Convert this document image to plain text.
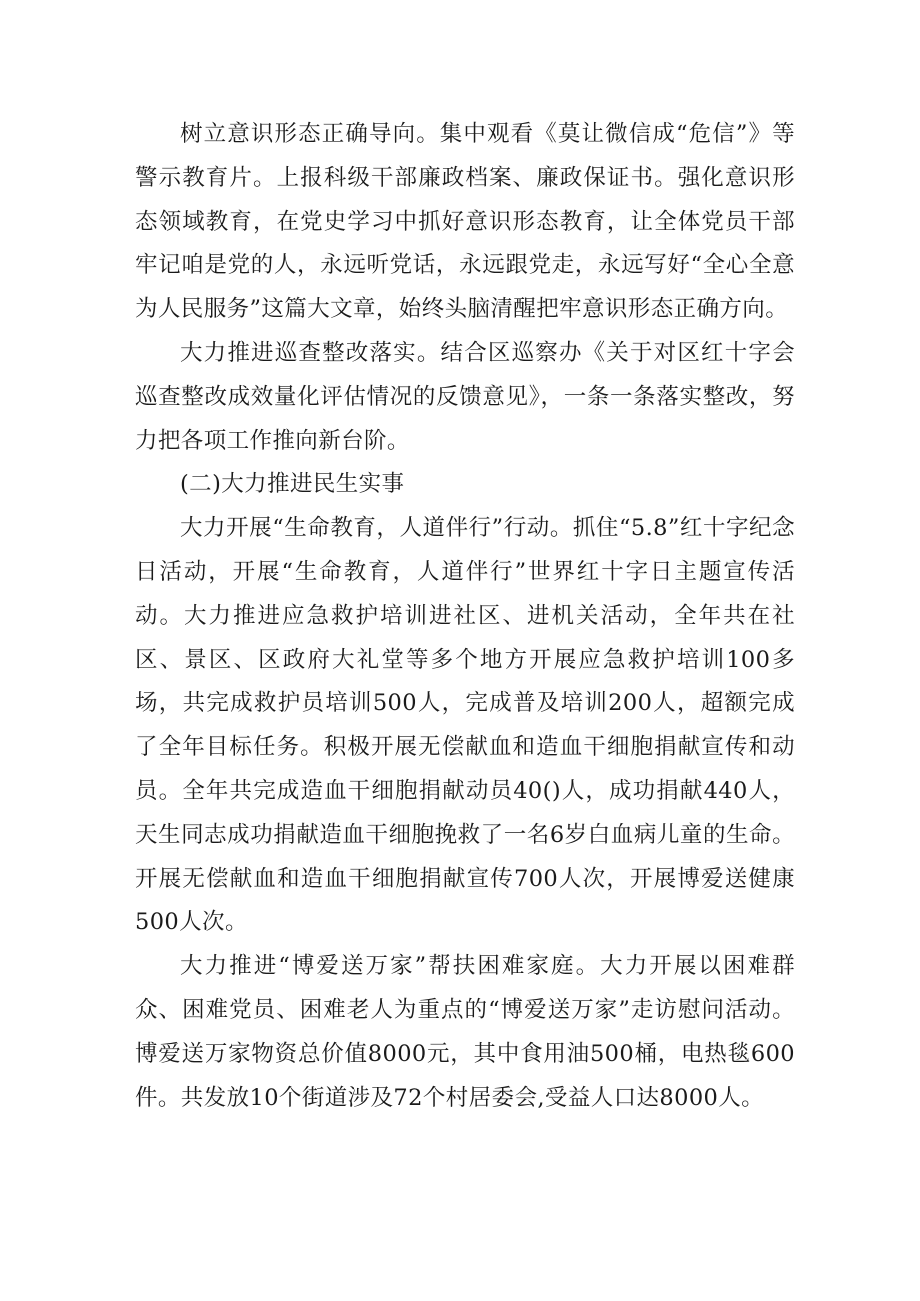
树立意识形态正确导向。集中观看《莫让微信成“危信”》等警示教育片。上报科级干部廉政档案、廉政保证书。强化意识形态领域教育，在党史学习中抓好意识形态教育，让全体党员干部牢记咱是党的人，永远听党话，永远跟党走，永远写好“全心全意为人民服务”这篇大文章，始终头脑清醒把牢意识形态正确方向。

大力推进巡查整改落实。结合区巡察办《关于对区红十字会巡查整改成效量化评估情况的反馈意见》，一条一条落实整改，努力把各项工作推向新台阶。

(二)大力推进民生实事

大力开展“生命教育，人道伴行”行动。抓住“5.8”红十字纪念日活动，开展“生命教育，人道伴行”世界红十字日主题宣传活动。大力推进应急救护培训进社区、进机关活动，全年共在社区、景区、区政府大礼堂等多个地方开展应急救护培训100多场，共完成救护员培训500人，完成普及培训200人，超额完成了全年目标任务。积极开展无偿献血和造血干细胞捐献宣传和动员。全年共完成造血干细胞捐献动员40()人，成功捐献440人，天生同志成功捐献造血干细胞挽救了一名6岁白血病儿童的生命。开展无偿献血和造血干细胞捐献宣传700人次，开展博爱送健康500人次。

大力推进“博爱送万家”帮扶困难家庭。大力开展以困难群众、困难党员、困难老人为重点的“博爱送万家”走访慰问活动。博爱送万家物资总价值8000元，其中食用油500桶，电热毯600件。共发放10个街道涉及72个村居委会,受益人口达8000人。
